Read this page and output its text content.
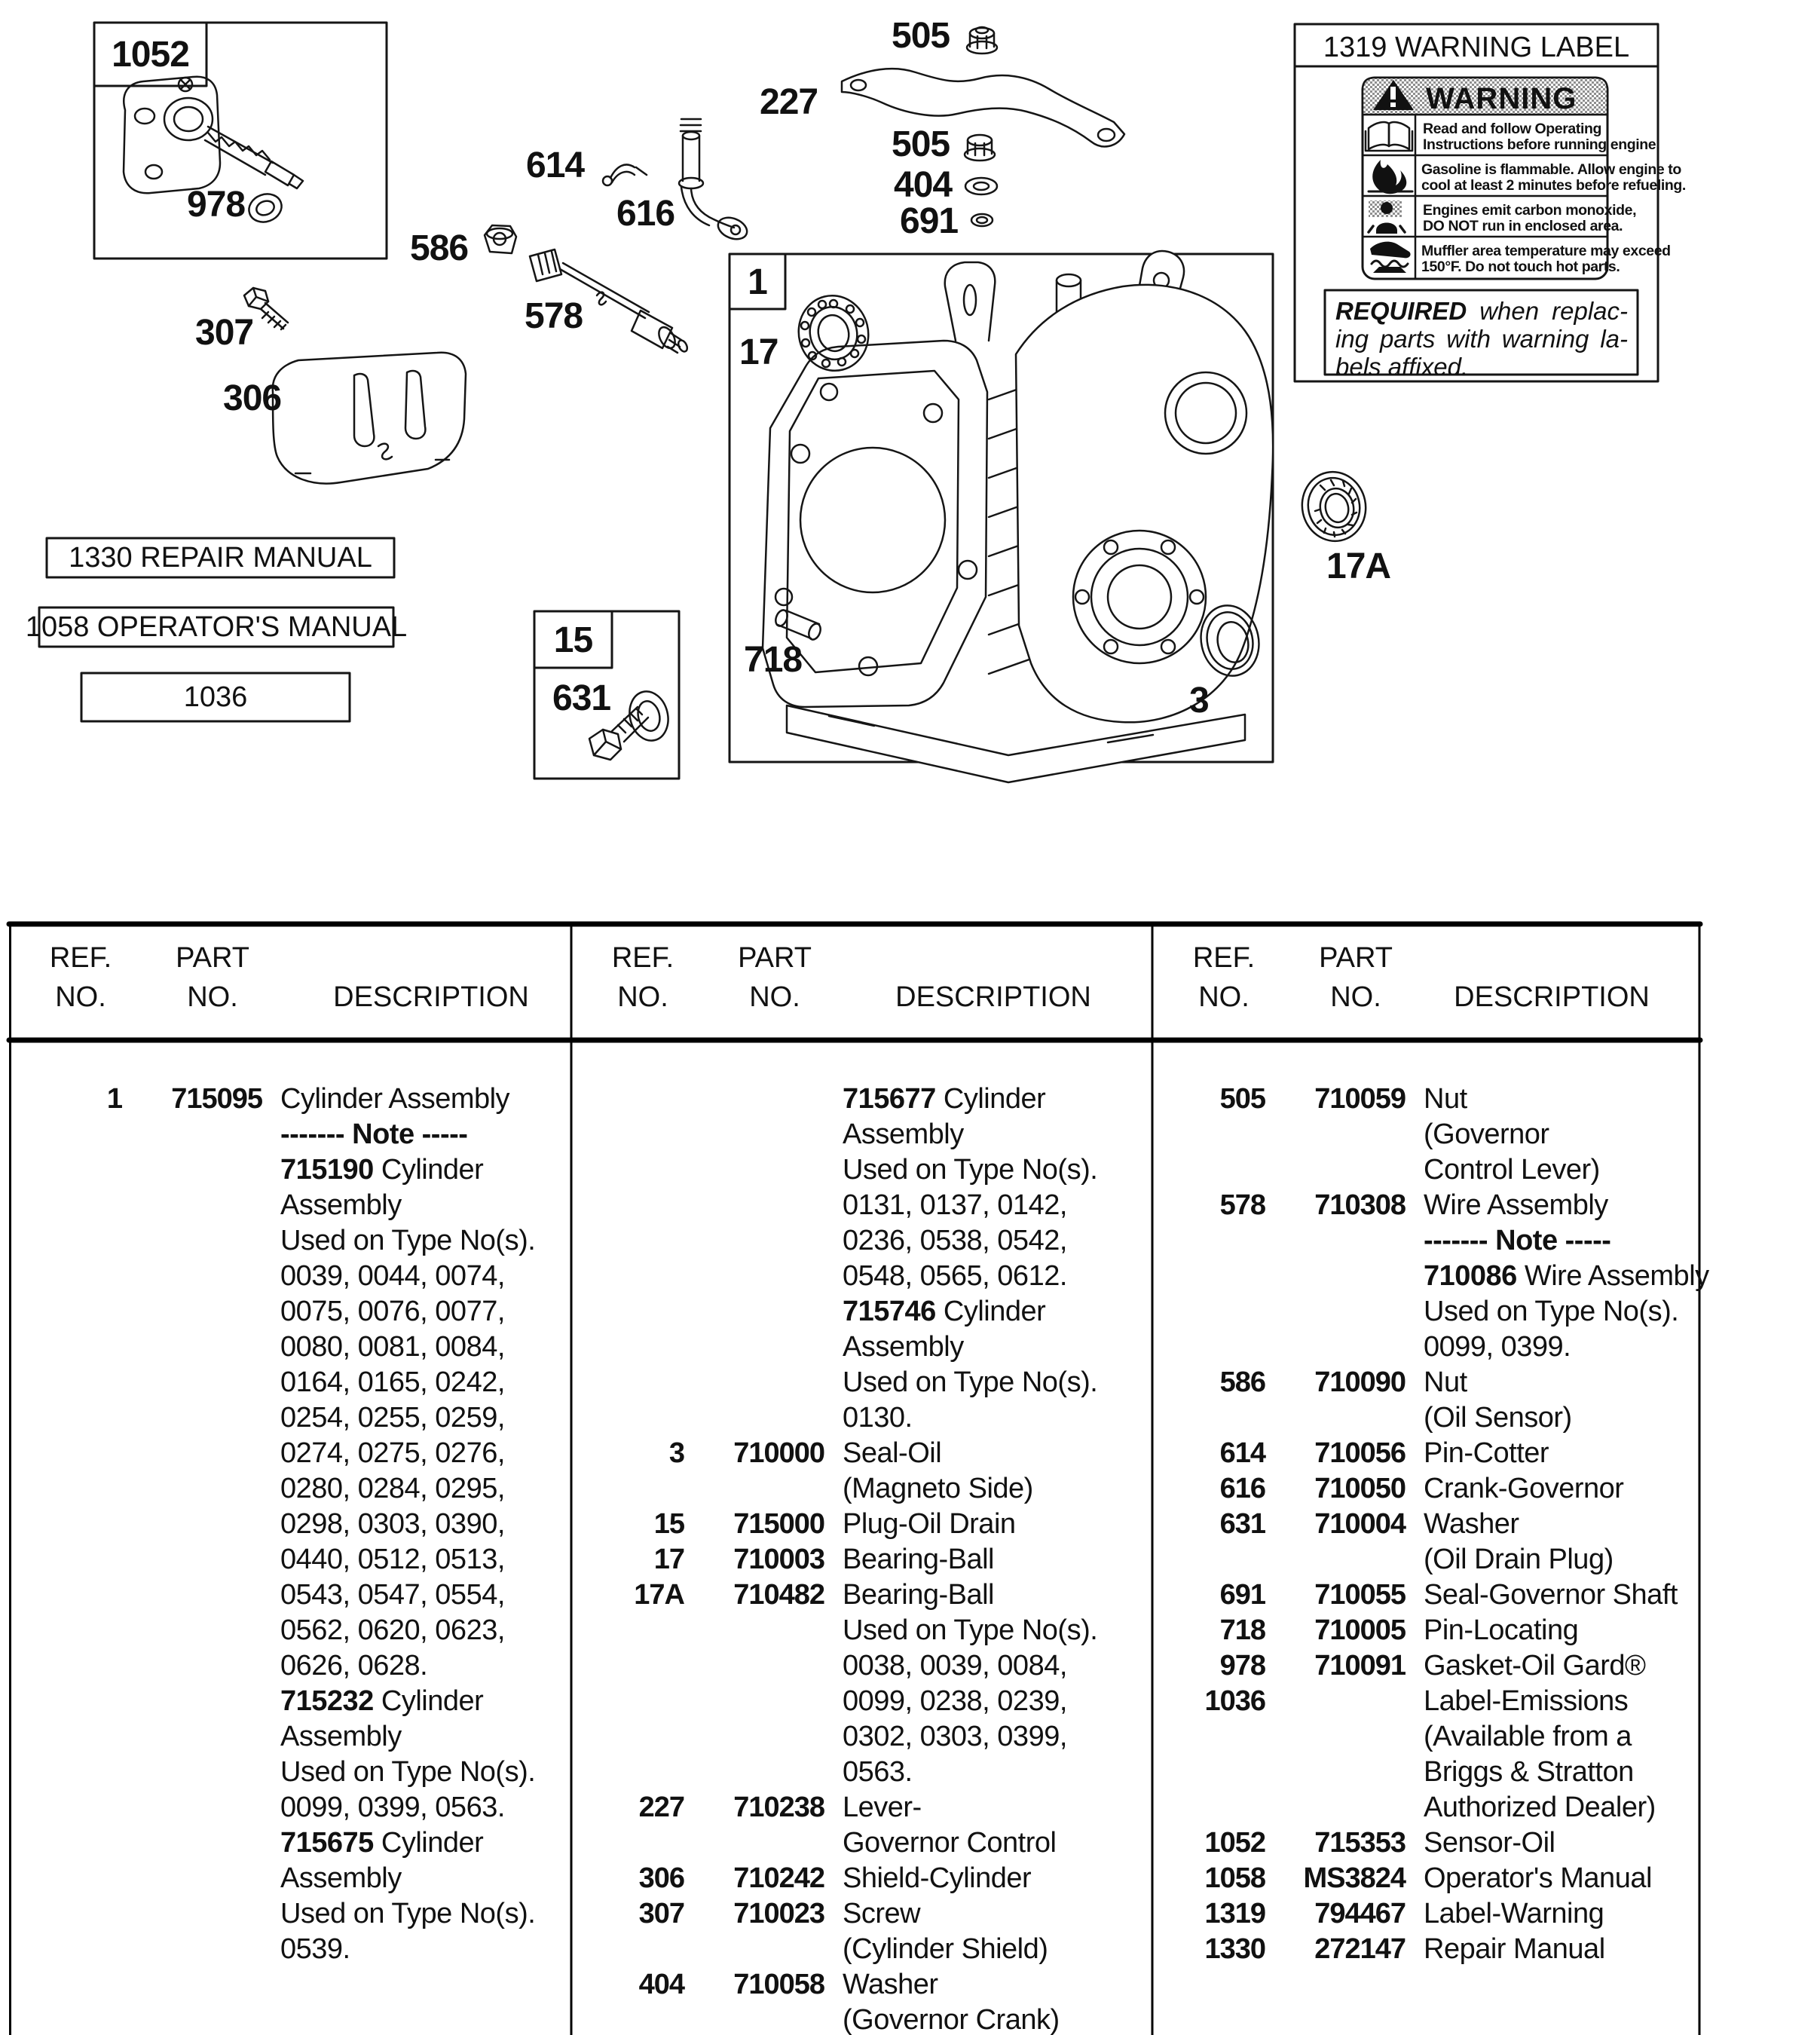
1052
978
505
227
505
404
691
614
616
586
578
307
306
1
17
718
3
17A
15
631
1330 REPAIR MANUAL
1058 OPERATOR'S MANUAL
1036
1319 WARNING LABEL
WARNING
Read and follow Operating
Instructions before running engine.
Gasoline is flammable. Allow engine to
cool at least 2 minutes before refueling.
Engines emit carbon monoxide,
DO NOT run in enclosed area.
Muffler area temperature may exceed
150°F. Do not touch hot parts.
REQUIRED when replac-
ing parts with warning la-
bels affixed.
REF.
NO.
PART
NO.	DESCRIPTION
REF.
NO.
PART
NO.	DESCRIPTION
REF.
NO.
PART
NO.	DESCRIPTION
1	715095 Cylinder Assembly
------- Note -----
715190 Cylinder
Assembly
Used on Type No(s).
0039, 0044, 0074,
0075, 0076, 0077,
0080, 0081, 0084,
0164, 0165, 0242,
0254, 0255, 0259,
0274, 0275, 0276,
0280, 0284, 0295,
0298, 0303, 0390,
0440, 0512, 0513,
0543, 0547, 0554,
0562, 0620, 0623,
0626, 0628.
715232 Cylinder
Assembly
Used on Type No(s).
0099, 0399, 0563.
715675 Cylinder
Assembly
Used on Type No(s).
0539.
715677 Cylinder
Assembly
Used on Type No(s).
0131, 0137, 0142,
0236, 0538, 0542,
0548, 0565, 0612.
715746 Cylinder
Assembly
Used on Type No(s).
0130.
3	710000 Seal-Oil
(Magneto Side)
15	715000 Plug-Oil Drain
17	710003 Bearing-Ball
17A	710482 Bearing-Ball
Used on Type No(s).
0038, 0039, 0084,
0099, 0238, 0239,
0302, 0303, 0399,
0563.
227	710238 Lever-
Governor Control
306	710242 Shield-Cylinder
307	710023 Screw
(Cylinder Shield)
404	710058 Washer
(Governor Crank)
505	710059 Nut
(Governor
Control Lever)
578	710308 Wire Assembly
------- Note -----
710086 Wire Assembly
Used on Type No(s).
0099, 0399.
586	710090 Nut
(Oil Sensor)
614	710056 Pin-Cotter
616	710050 Crank-Governor
631	710004 Washer
(Oil Drain Plug)
691	710055 Seal-Governor Shaft
718	710005 Pin-Locating
978	710091 Gasket-Oil Gard®
1036	Label-Emissions
(Available from a
Briggs & Stratton
Authorized Dealer)
1052	715353 Sensor-Oil
1058	MS3824 Operator's Manual
1319	794467 Label-Warning
1330	272147 Repair Manual
